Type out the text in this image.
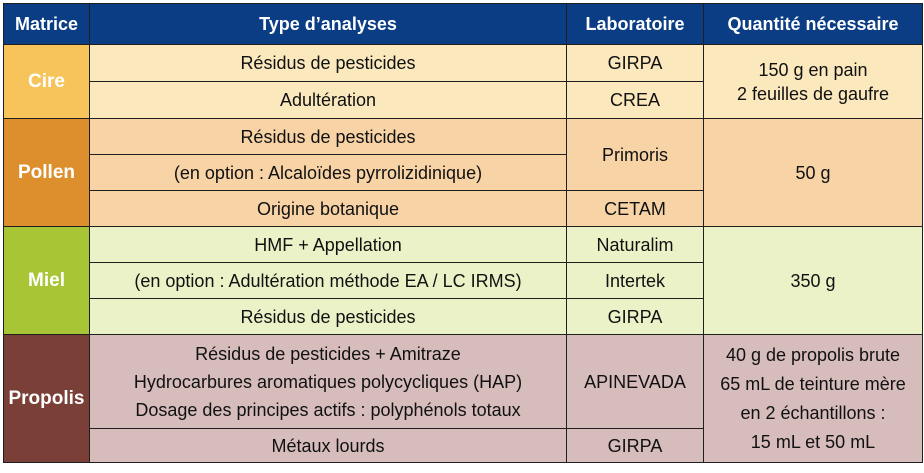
Matrice	Type d’analyses	Laboratoire	Quantité nécessaire
Cire	Résidus de pesticides	GIRPA	150 g en pain
2 feuilles de gaufre

	Adultération	CREA	
Pollen	Résidus de pesticides	Primoris	50 g
	(en option : Alcaloïdes pyrrolizidinique)		
	Origine botanique	CETAM	
Miel	HMF + Appellation	Naturalim	350 g
	(en option : Adultération méthode EA / LC IRMS)	Intertek	
	Résidus de pesticides	GIRPA	
Propolis	Résidus de pesticides + Amitraze
Hydrocarbures aromatiques polycycliques (HAP)
Dosage des principes actifs : polyphénols totaux	APINEVADA	40 g de propolis brute
65 mL de teinture mère
en 2 échantillons :
15 mL et 50 mL

	Métaux lourds	GIRPA	
